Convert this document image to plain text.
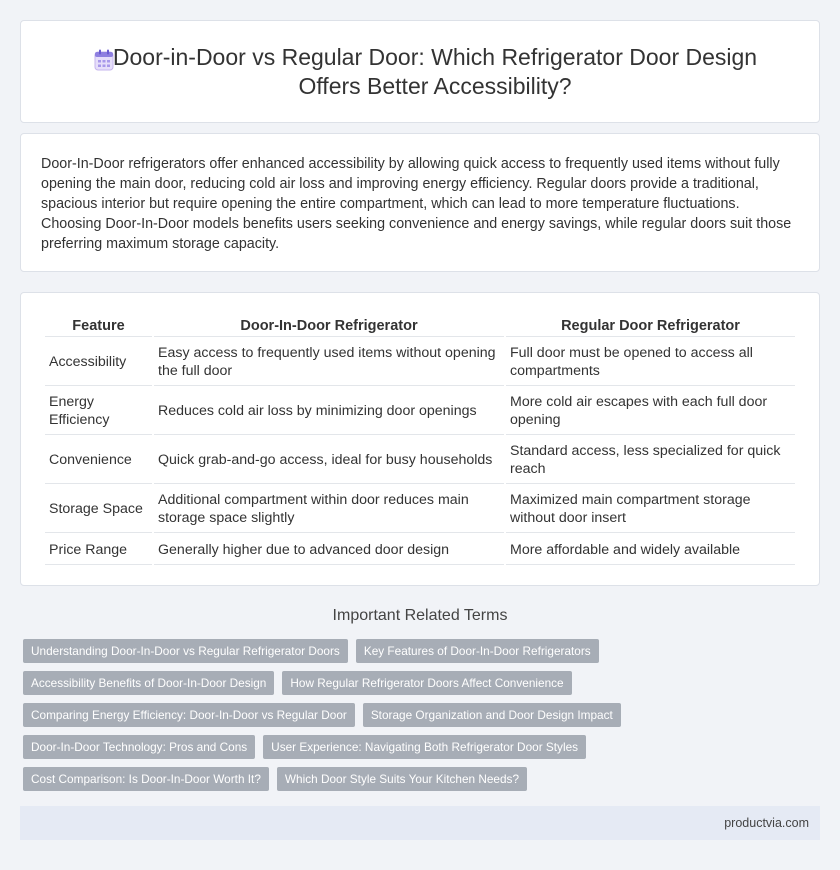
Door-in-Door vs Regular Door: Which Refrigerator Door Design Offers Better Accessibility?

Door-In-Door refrigerators offer enhanced accessibility by allowing quick access to frequently used items without fully opening the main door, reducing cold air loss and improving energy efficiency. Regular doors provide a traditional, spacious interior but require opening the entire compartment, which can lead to more temperature fluctuations. Choosing Door-In-Door models benefits users seeking convenience and energy savings, while regular doors suit those preferring maximum storage capacity.

Feature	Door-In-Door Refrigerator	Regular Door Refrigerator
Accessibility	Easy access to frequently used items without opening the full door	Full door must be opened to access all compartments
Energy Efficiency	Reduces cold air loss by minimizing door openings	More cold air escapes with each full door opening
Convenience	Quick grab-and-go access, ideal for busy households	Standard access, less specialized for quick reach
Storage Space	Additional compartment within door reduces main storage space slightly	Maximized main compartment storage without door insert
Price Range	Generally higher due to advanced door design	More affordable and widely available
Important Related Terms
Understanding Door-In-Door vs Regular Refrigerator Doors	Key Features of Door-In-Door Refrigerators
Accessibility Benefits of Door-In-Door Design	How Regular Refrigerator Doors Affect Convenience
Comparing Energy Efficiency: Door-In-Door vs Regular Door	Storage Organization and Door Design Impact
Door-In-Door Technology: Pros and Cons	User Experience: Navigating Both Refrigerator Door Styles
Cost Comparison: Is Door-In-Door Worth It?	Which Door Style Suits Your Kitchen Needs?
productvia.com
